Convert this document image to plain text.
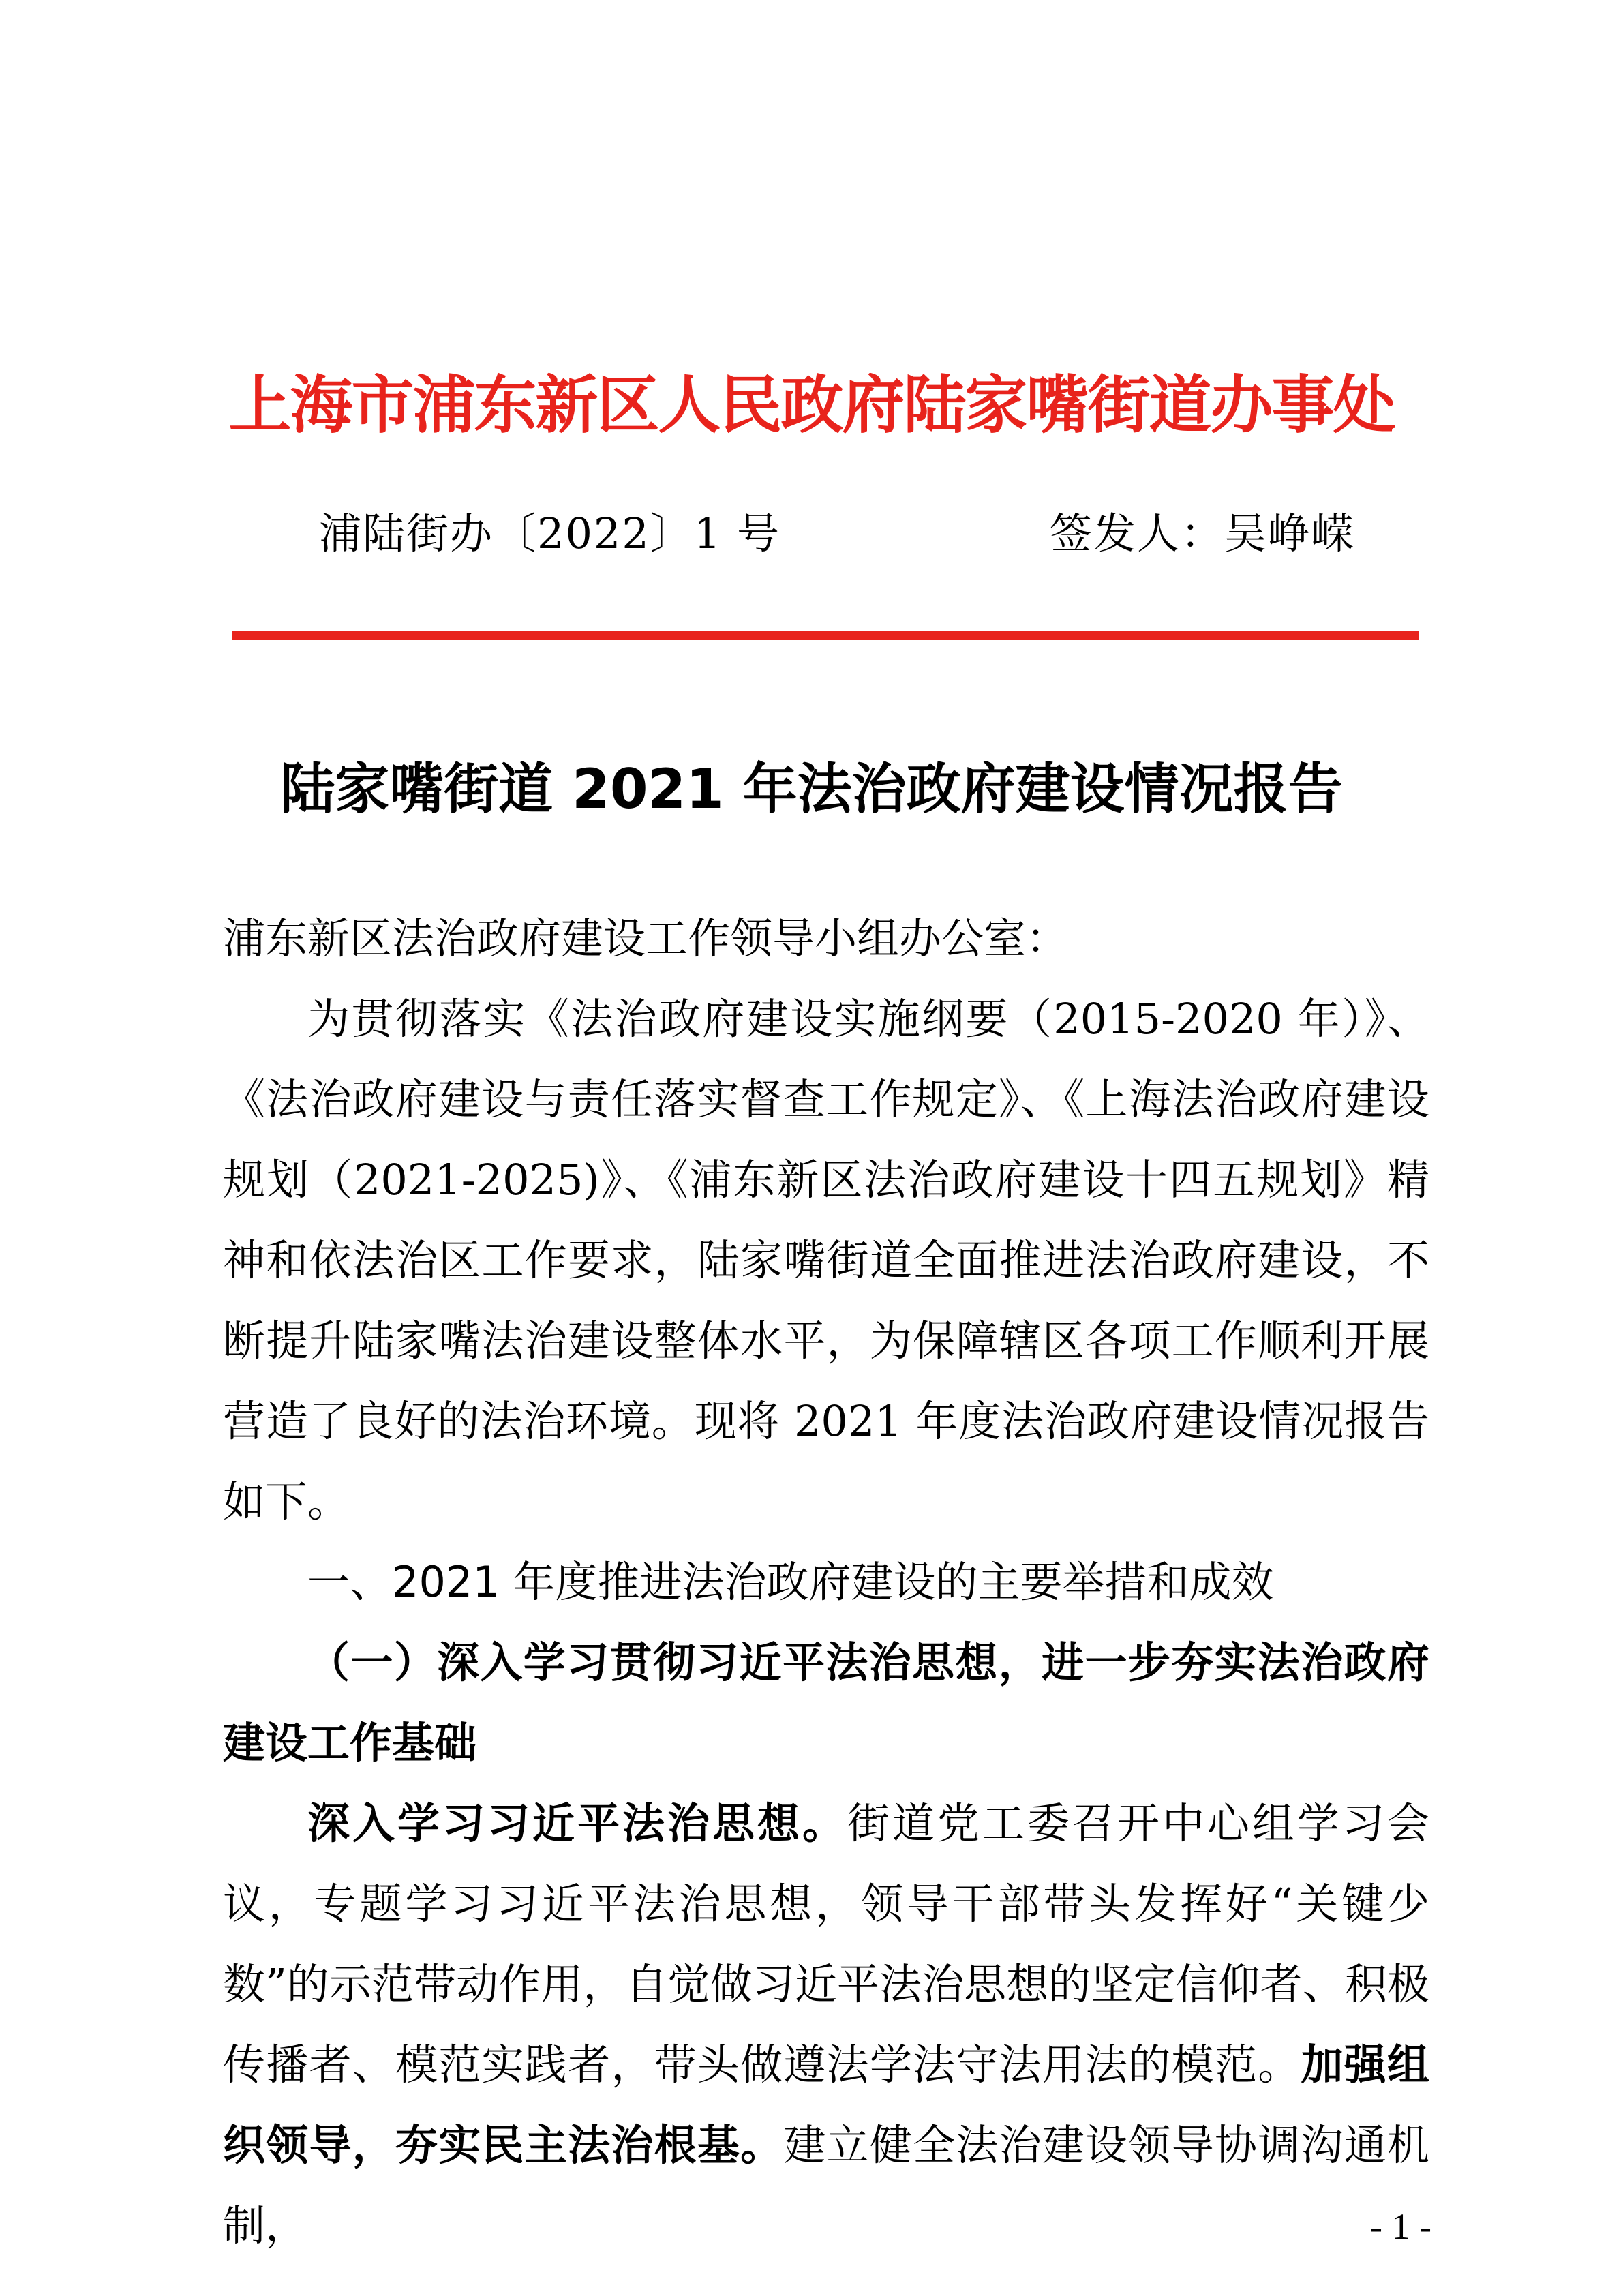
上海市浦东新区人民政府陆家嘴街道办事处
浦陆街办〔2022〕1 号	签发人：吴峥嵘
陆家嘴街道 2021 年法治政府建设情况报告

浦东新区法治政府建设工作领导小组办公室：

为贯彻落实《法治政府建设实施纲要（2015-2020 年）》、《法治政府建设与责任落实督查工作规定》、《上海法治政府建设规划（2021-2025)》、《浦东新区法治政府建设十四五规划》精神和依法治区工作要求，陆家嘴街道全面推进法治政府建设，不断提升陆家嘴法治建设整体水平，为保障辖区各项工作顺利开展营造了良好的法治环境。现将 2021 年度法治政府建设情况报告如下。

一、2021 年度推进法治政府建设的主要举措和成效

（一）深入学习贯彻习近平法治思想，进一步夯实法治政府建设工作基础

深入学习习近平法治思想。街道党工委召开中心组学习会议，专题学习习近平法治思想，领导干部带头发挥好“关键少数”的示范带动作用，自觉做习近平法治思想的坚定信仰者、积极传播者、模范实践者，带头做遵法学法守法用法的模范。加强组织领导，夯实民主法治根基。建立健全法治建设领导协调沟通机制，	- 1 -
